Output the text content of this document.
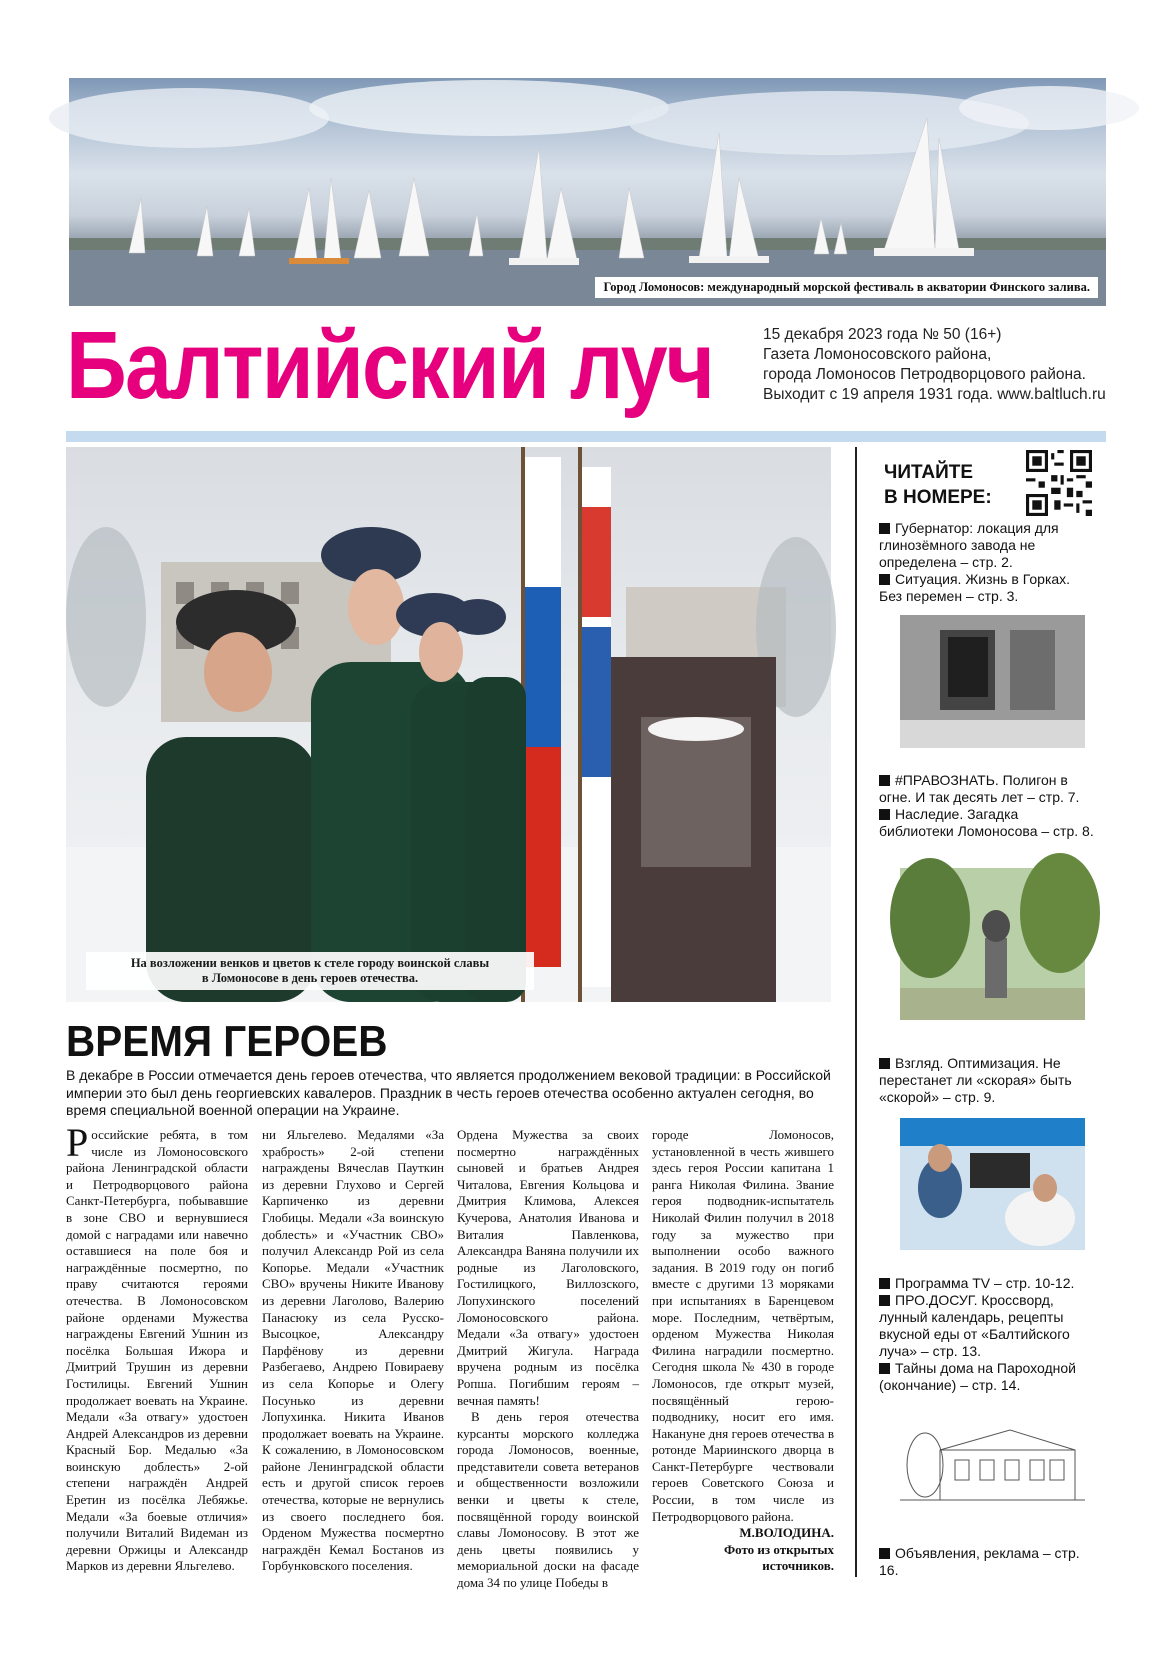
Город Ломоносов: международный морской фестиваль в акватории Финского залива.
Балтийский луч	15 декабря 2023 года № 50 (16+)
Газета Ломоносовского района,
города Ломоносов Петродворцового района.
Выходит с 19 апреля 1931 года. www.baltluch.ru
На возложении венков и цветов к стеле городу воинской славы
в Ломоносове в день героев отечества.
ЧИТАЙТЕ
В НОМЕРЕ:
Губернатор: локация для глинозёмного завода не определена – стр. 2.
Ситуация. Жизнь в Горках. Без перемен – стр. 3.
#ПРАВОЗНАТЬ. Полигон в огне. И так десять лет – стр. 7.
Наследие. Загадка библиотеки Ломоносова – стр. 8.
Взгляд. Оптимизация. Не перестанет ли «скорая» быть «скорой» – стр. 9.
Программа TV – стр. 10-12.
ПРО.ДОСУГ. Кроссворд, лунный календарь, рецепты вкусной еды от «Балтийского луча» – стр. 13.
Тайны дома на Пароходной (окончание) – стр. 14.
Объявления, реклама – стр. 16.
ВРЕМЯ ГЕРОЕВ
В декабре в России отмечается день героев отечества, что является продолжением вековой традиции: в Российской империи это был день георгиевских кавалеров. Праздник в честь героев отечества особенно актуален сегодня, во время специальной военной операции на Украине.

Российские ребята, в том числе из Ломоносовского района Ленинградской области и Петродворцового района Санкт-Петербурга, побывавшие в зоне СВО и вернувшиеся домой с наградами или навечно оставшиеся на поле боя и награждённые посмертно, по праву считаются героями отечества. В Ломоносовском районе орденами Мужества награждены Евгений Ушнин из посёлка Большая Ижора и Дмитрий Трушин из деревни Гостилицы. Евгений Ушнин продолжает воевать на Украине. Медали «За отвагу» удостоен Андрей Александров из деревни Красный Бор. Медалью «За воинскую доблесть» 2-ой степени награждён Андрей Еретин из посёлка Лебяжье. Медали «За боевые отличия» получили Виталий Видеман из деревни Оржицы и Александр Марков из деревни Яльгелево.

ни Яльгелево. Медалями «За храбрость» 2-ой степени награждены Вячеслав Пауткин из деревни Глухово и Сергей Карпиченко из деревни Глобицы. Медали «За воинскую доблесть» и «Участник СВО» получил Александр Рой из села Копорье. Медали «Участник СВО» вручены Никите Иванову из деревни Лаголово, Валерию Панасюку из села Русско-Высоцкое, Александру Парфёнову из деревни Разбегаево, Андрею Повираеву из села Копорье и Олегу Посунько из деревни Лопухинка. Никита Иванов продолжает воевать на Украине. К сожалению, в Ломоносовском районе Ленинградской области есть и другой список героев отечества, которые не вернулись из своего последнего боя. Орденом Мужества посмертно награждён Кемал Бостанов из Горбунковского поселения.

Ордена Мужества за своих посмертно награждённых сыновей и братьев Андрея Читалова, Евгения Кольцова и Дмитрия Климова, Алексея Кучерова, Анатолия Иванова и Виталия Павленкова, Александра Ваняна получили их родные из Лаголовского, Гостилицкого, Виллозского, Лопухинского поселений Ломоносовского района. Медали «За отвагу» удостоен Дмитрий Жигула. Награда вручена родным из посёлка Ропша. Погибшим героям – вечная память!

В день героя отечества курсанты морского колледжа города Ломоносов, военные, представители совета ветеранов и общественности возложили венки и цветы к стеле, посвящённой городу воинской славы Ломоносову. В этот же день цветы появились у мемориальной доски на фасаде дома 34 по улице Победы в

городе Ломоносов, установленной в честь жившего здесь героя России капитана 1 ранга Николая Филина. Звание героя подводник-испытатель Николай Филин получил в 2018 году за мужество при выполнении особо важного задания. В 2019 году он погиб вместе с другими 13 моряками при испытаниях в Баренцевом море. Последним, четвёртым, орденом Мужества Николая Филина наградили посмертно. Сегодня школа № 430 в городе Ломоносов, где открыт музей, посвящённый герою-подводнику, носит его имя. Накануне дня героев отечества в ротонде Мариинского дворца в Санкт-Петербурге чествовали героев Советского Союза и России, в том числе из Петродворцового района.

М.ВОЛОДИНА.

Фото из открытых

источников.
